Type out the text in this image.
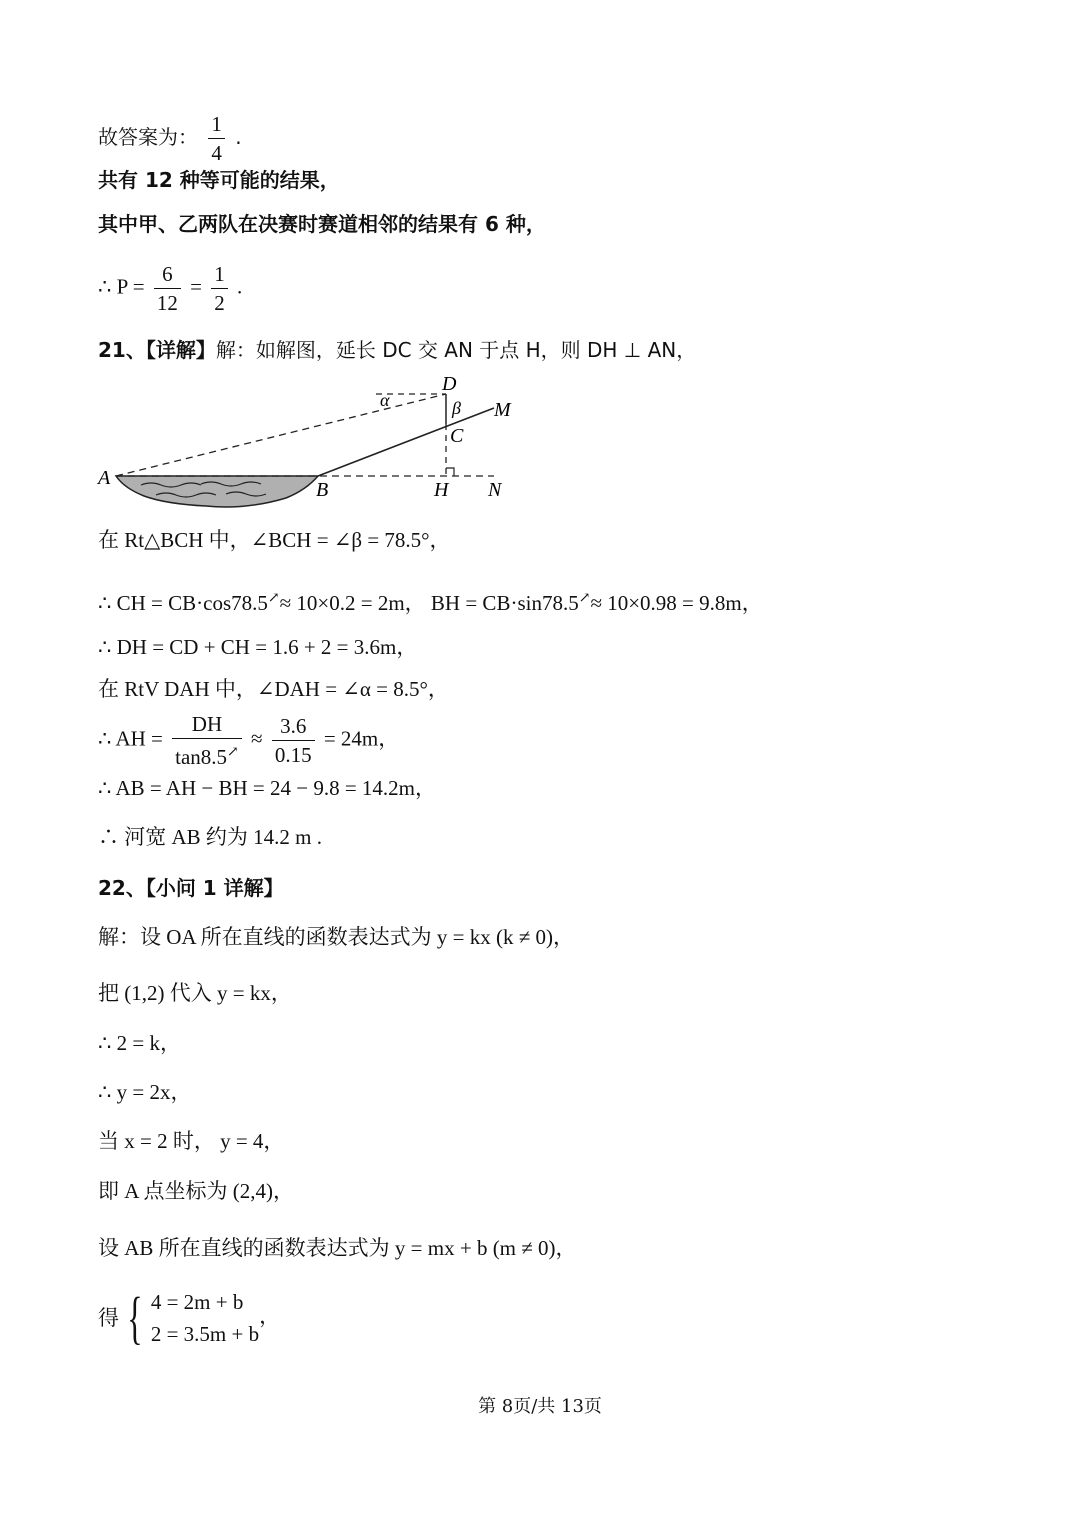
故答案为： $\frac{1}{4}$ .
共有 12 种等可能的结果，
其中甲、乙两队在决赛时赛道相邻的结果有 6 种，
∴ $P = \frac{6}{12} = \frac{1}{2}$ .
21、【详解】解：如解图，延长 DC 交 AN 于点 H，则 DH ⊥ AN，
A
B
C
D
H N
M
α	β
在 Rt△BCH 中，∠BCH = ∠β = 78.5°，
∴ CH = CB·cos78.5↗≈ 10×0.2 = 2m， BH = CB·sin78.5↗≈ 10×0.98 = 9.8m，
∴ DH = CD + CH = 1.6 + 2 = 3.6m，
在 RtV DAH 中，∠DAH = ∠α = 8.5°，
∴ AH = $\frac{DH}{\tan 8.5^↗} \approx \frac{3.6}{0.15} = 24m$，
∴ AB = AH − BH = 24 − 9.8 = 14.2m，
∴ 河宽 AB 约为 14.2 m .
22、【小问 1 详解】
解：设 OA 所在直线的函数表达式为 y = kx (k ≠ 0)，
把 (1,2) 代入 y = kx，
∴ 2 = k，
∴ y = 2x，
当 x = 2 时， y = 4，
即 A 点坐标为 (2,4)，
设 AB 所在直线的函数表达式为 y = mx + b (m ≠ 0)，
得 { 4 = 2m + b
2 = 3.5m + b
，
第 8页/共 13页
